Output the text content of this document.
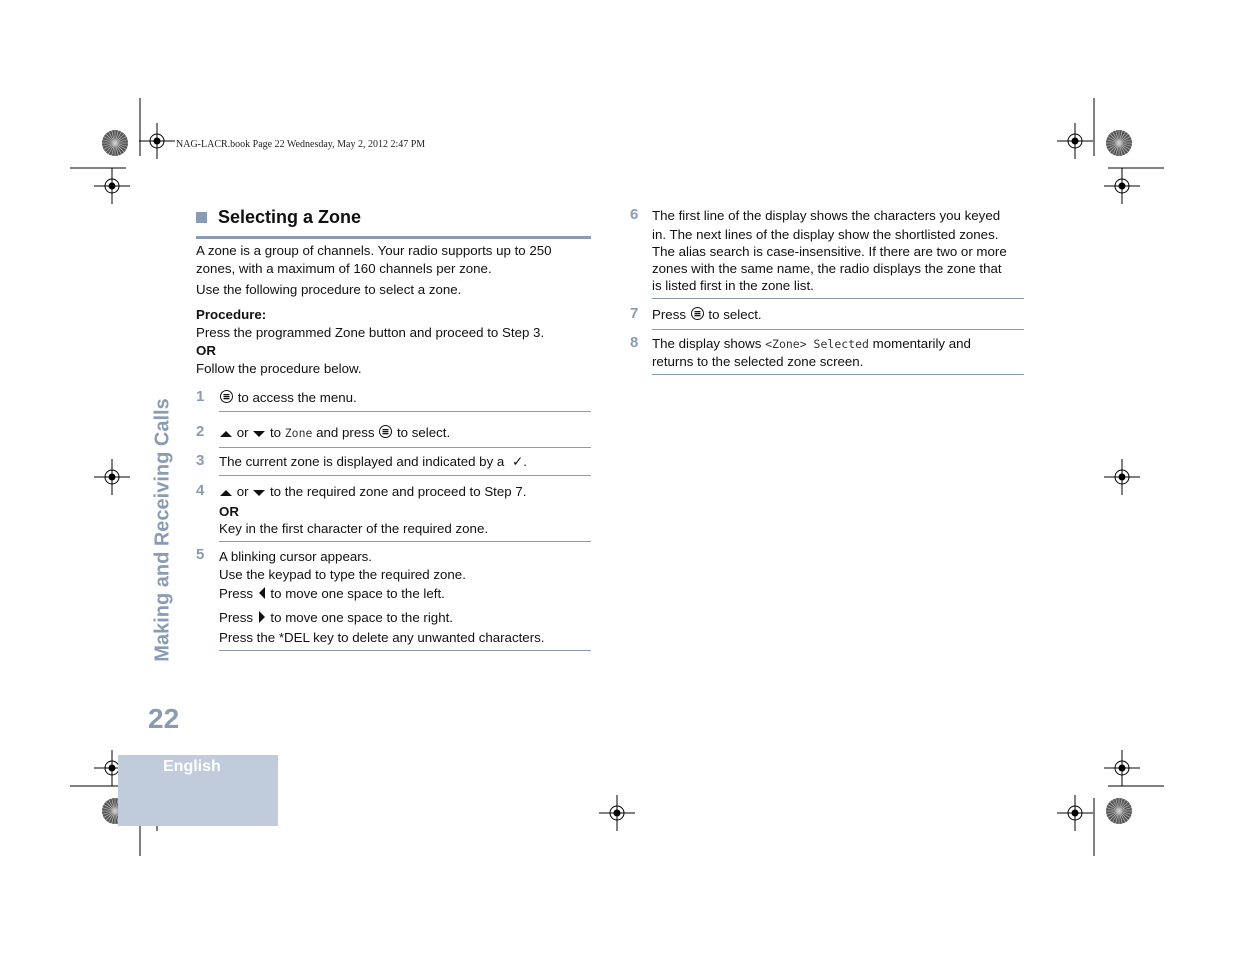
NAG-LACR.book Page 22 Wednesday, May 2, 2012 2:47 PM
Making and Receiving Calls
22
English
Selecting a Zone
A zone is a group of channels. Your radio supports up to 250 zones, with a maximum of 160 channels per zone.
Use the following procedure to select a zone.
Procedure:
Press the programmed Zone button and proceed to Step 3.
OR
Follow the procedure below.
1	to access the menu.
2	or to Zone and press to select.
3 The current zone is displayed and indicated by a ✓.
4	or to the required zone and proceed to Step 7.
OR
Key in the first character of the required zone.
5 A blinking cursor appears.
Use the keypad to type the required zone.
Press to move one space to the left.
Press to move one space to the right.
Press the *DEL key to delete any unwanted characters.
6 The first line of the display shows the characters you keyed
in. The next lines of the display show the shortlisted zones.
The alias search is case-insensitive. If there are two or more
zones with the same name, the radio displays the zone that
is listed first in the zone list.
7 Press to select.
8 The display shows <Zone> Selected momentarily and
returns to the selected zone screen.
